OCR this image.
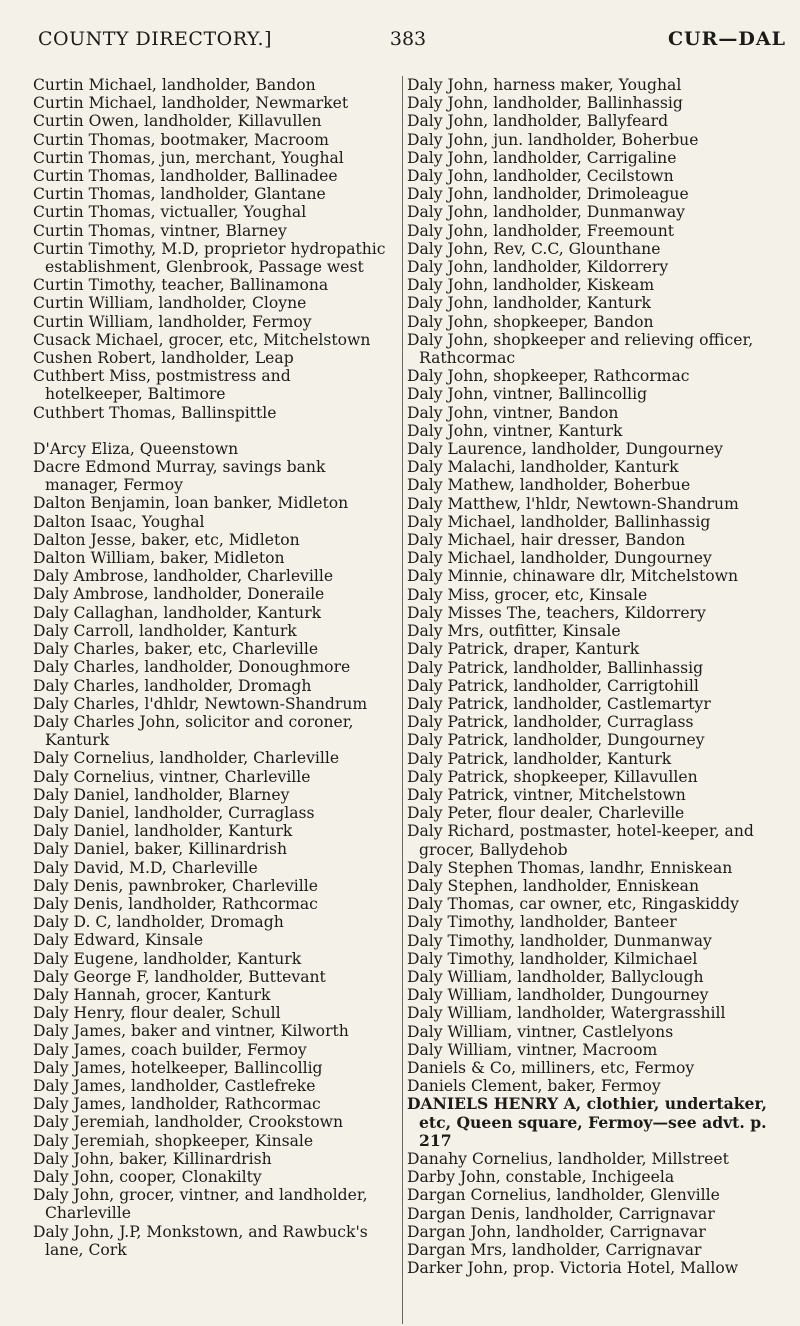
COUNTY DIRECTORY.]	383	CUR—DAL

Curtin Michael, landholder, Bandon

Curtin Michael, landholder, Newmarket

Curtin Owen, landholder, Killavullen

Curtin Thomas, bootmaker, Macroom

Curtin Thomas, jun, merchant, Youghal

Curtin Thomas, landholder, Ballinadee

Curtin Thomas, landholder, Glantane

Curtin Thomas, victualler, Youghal

Curtin Thomas, vintner, Blarney

Curtin Timothy, M.D, proprietor hydropathic establishment, Glenbrook, Passage west

Curtin Timothy, teacher, Ballinamona

Curtin William, landholder, Cloyne

Curtin William, landholder, Fermoy

Cusack Michael, grocer, etc, Mitchelstown

Cushen Robert, landholder, Leap

Cuthbert Miss, postmistress and hotelkeeper, Baltimore

Cuthbert Thomas, Ballinspittle

D'Arcy Eliza, Queenstown

Dacre Edmond Murray, savings bank manager, Fermoy

Dalton Benjamin, loan banker, Midleton

Dalton Isaac, Youghal

Dalton Jesse, baker, etc, Midleton

Dalton William, baker, Midleton

Daly Ambrose, landholder, Charleville

Daly Ambrose, landholder, Doneraile

Daly Callaghan, landholder, Kanturk

Daly Carroll, landholder, Kanturk

Daly Charles, baker, etc, Charleville

Daly Charles, landholder, Donoughmore

Daly Charles, landholder, Dromagh

Daly Charles, l'dhldr, Newtown-Shandrum

Daly Charles John, solicitor and coroner, Kanturk

Daly Cornelius, landholder, Charleville

Daly Cornelius, vintner, Charleville

Daly Daniel, landholder, Blarney

Daly Daniel, landholder, Curraglass

Daly Daniel, landholder, Kanturk

Daly Daniel, baker, Killinardrish

Daly David, M.D, Charleville

Daly Denis, pawnbroker, Charleville

Daly Denis, landholder, Rathcormac

Daly D. C, landholder, Dromagh

Daly Edward, Kinsale

Daly Eugene, landholder, Kanturk

Daly George F, landholder, Buttevant

Daly Hannah, grocer, Kanturk

Daly Henry, flour dealer, Schull

Daly James, baker and vintner, Kilworth

Daly James, coach builder, Fermoy

Daly James, hotelkeeper, Ballincollig

Daly James, landholder, Castlefreke

Daly James, landholder, Rathcormac

Daly Jeremiah, landholder, Crookstown

Daly Jeremiah, shopkeeper, Kinsale

Daly John, baker, Killinardrish

Daly John, cooper, Clonakilty

Daly John, grocer, vintner, and landholder, Charleville

Daly John, J.P, Monkstown, and Rawbuck's lane, Cork

Daly John, harness maker, Youghal

Daly John, landholder, Ballinhassig

Daly John, landholder, Ballyfeard

Daly John, jun. landholder, Boherbue

Daly John, landholder, Carrigaline

Daly John, landholder, Cecilstown

Daly John, landholder, Drimoleague

Daly John, landholder, Dunmanway

Daly John, landholder, Freemount

Daly John, Rev, C.C, Glounthane

Daly John, landholder, Kildorrery

Daly John, landholder, Kiskeam

Daly John, landholder, Kanturk

Daly John, shopkeeper, Bandon

Daly John, shopkeeper and relieving officer, Rathcormac

Daly John, shopkeeper, Rathcormac

Daly John, vintner, Ballincollig

Daly John, vintner, Bandon

Daly John, vintner, Kanturk

Daly Laurence, landholder, Dungourney

Daly Malachi, landholder, Kanturk

Daly Mathew, landholder, Boherbue

Daly Matthew, l'hldr, Newtown-Shandrum

Daly Michael, landholder, Ballinhassig

Daly Michael, hair dresser, Bandon

Daly Michael, landholder, Dungourney

Daly Minnie, chinaware dlr, Mitchelstown

Daly Miss, grocer, etc, Kinsale

Daly Misses The, teachers, Kildorrery

Daly Mrs, outfitter, Kinsale

Daly Patrick, draper, Kanturk

Daly Patrick, landholder, Ballinhassig

Daly Patrick, landholder, Carrigtohill

Daly Patrick, landholder, Castlemartyr

Daly Patrick, landholder, Curraglass

Daly Patrick, landholder, Dungourney

Daly Patrick, landholder, Kanturk

Daly Patrick, shopkeeper, Killavullen

Daly Patrick, vintner, Mitchelstown

Daly Peter, flour dealer, Charleville

Daly Richard, postmaster, hotel-keeper, and grocer, Ballydehob

Daly Stephen Thomas, landhr, Enniskean

Daly Stephen, landholder, Enniskean

Daly Thomas, car owner, etc, Ringaskiddy

Daly Timothy, landholder, Banteer

Daly Timothy, landholder, Dunmanway

Daly Timothy, landholder, Kilmichael

Daly William, landholder, Ballyclough

Daly William, landholder, Dungourney

Daly William, landholder, Watergrasshill

Daly William, vintner, Castlelyons

Daly William, vintner, Macroom

Daniels & Co, milliners, etc, Fermoy

Daniels Clement, baker, Fermoy

DANIELS HENRY A, clothier, undertaker, etc, Queen square, Fermoy—see advt. p. 217

Danahy Cornelius, landholder, Millstreet

Darby John, constable, Inchigeela

Dargan Cornelius, landholder, Glenville

Dargan Denis, landholder, Carrignavar

Dargan John, landholder, Carrignavar

Dargan Mrs, landholder, Carrignavar

Darker John, prop. Victoria Hotel, Mallow
